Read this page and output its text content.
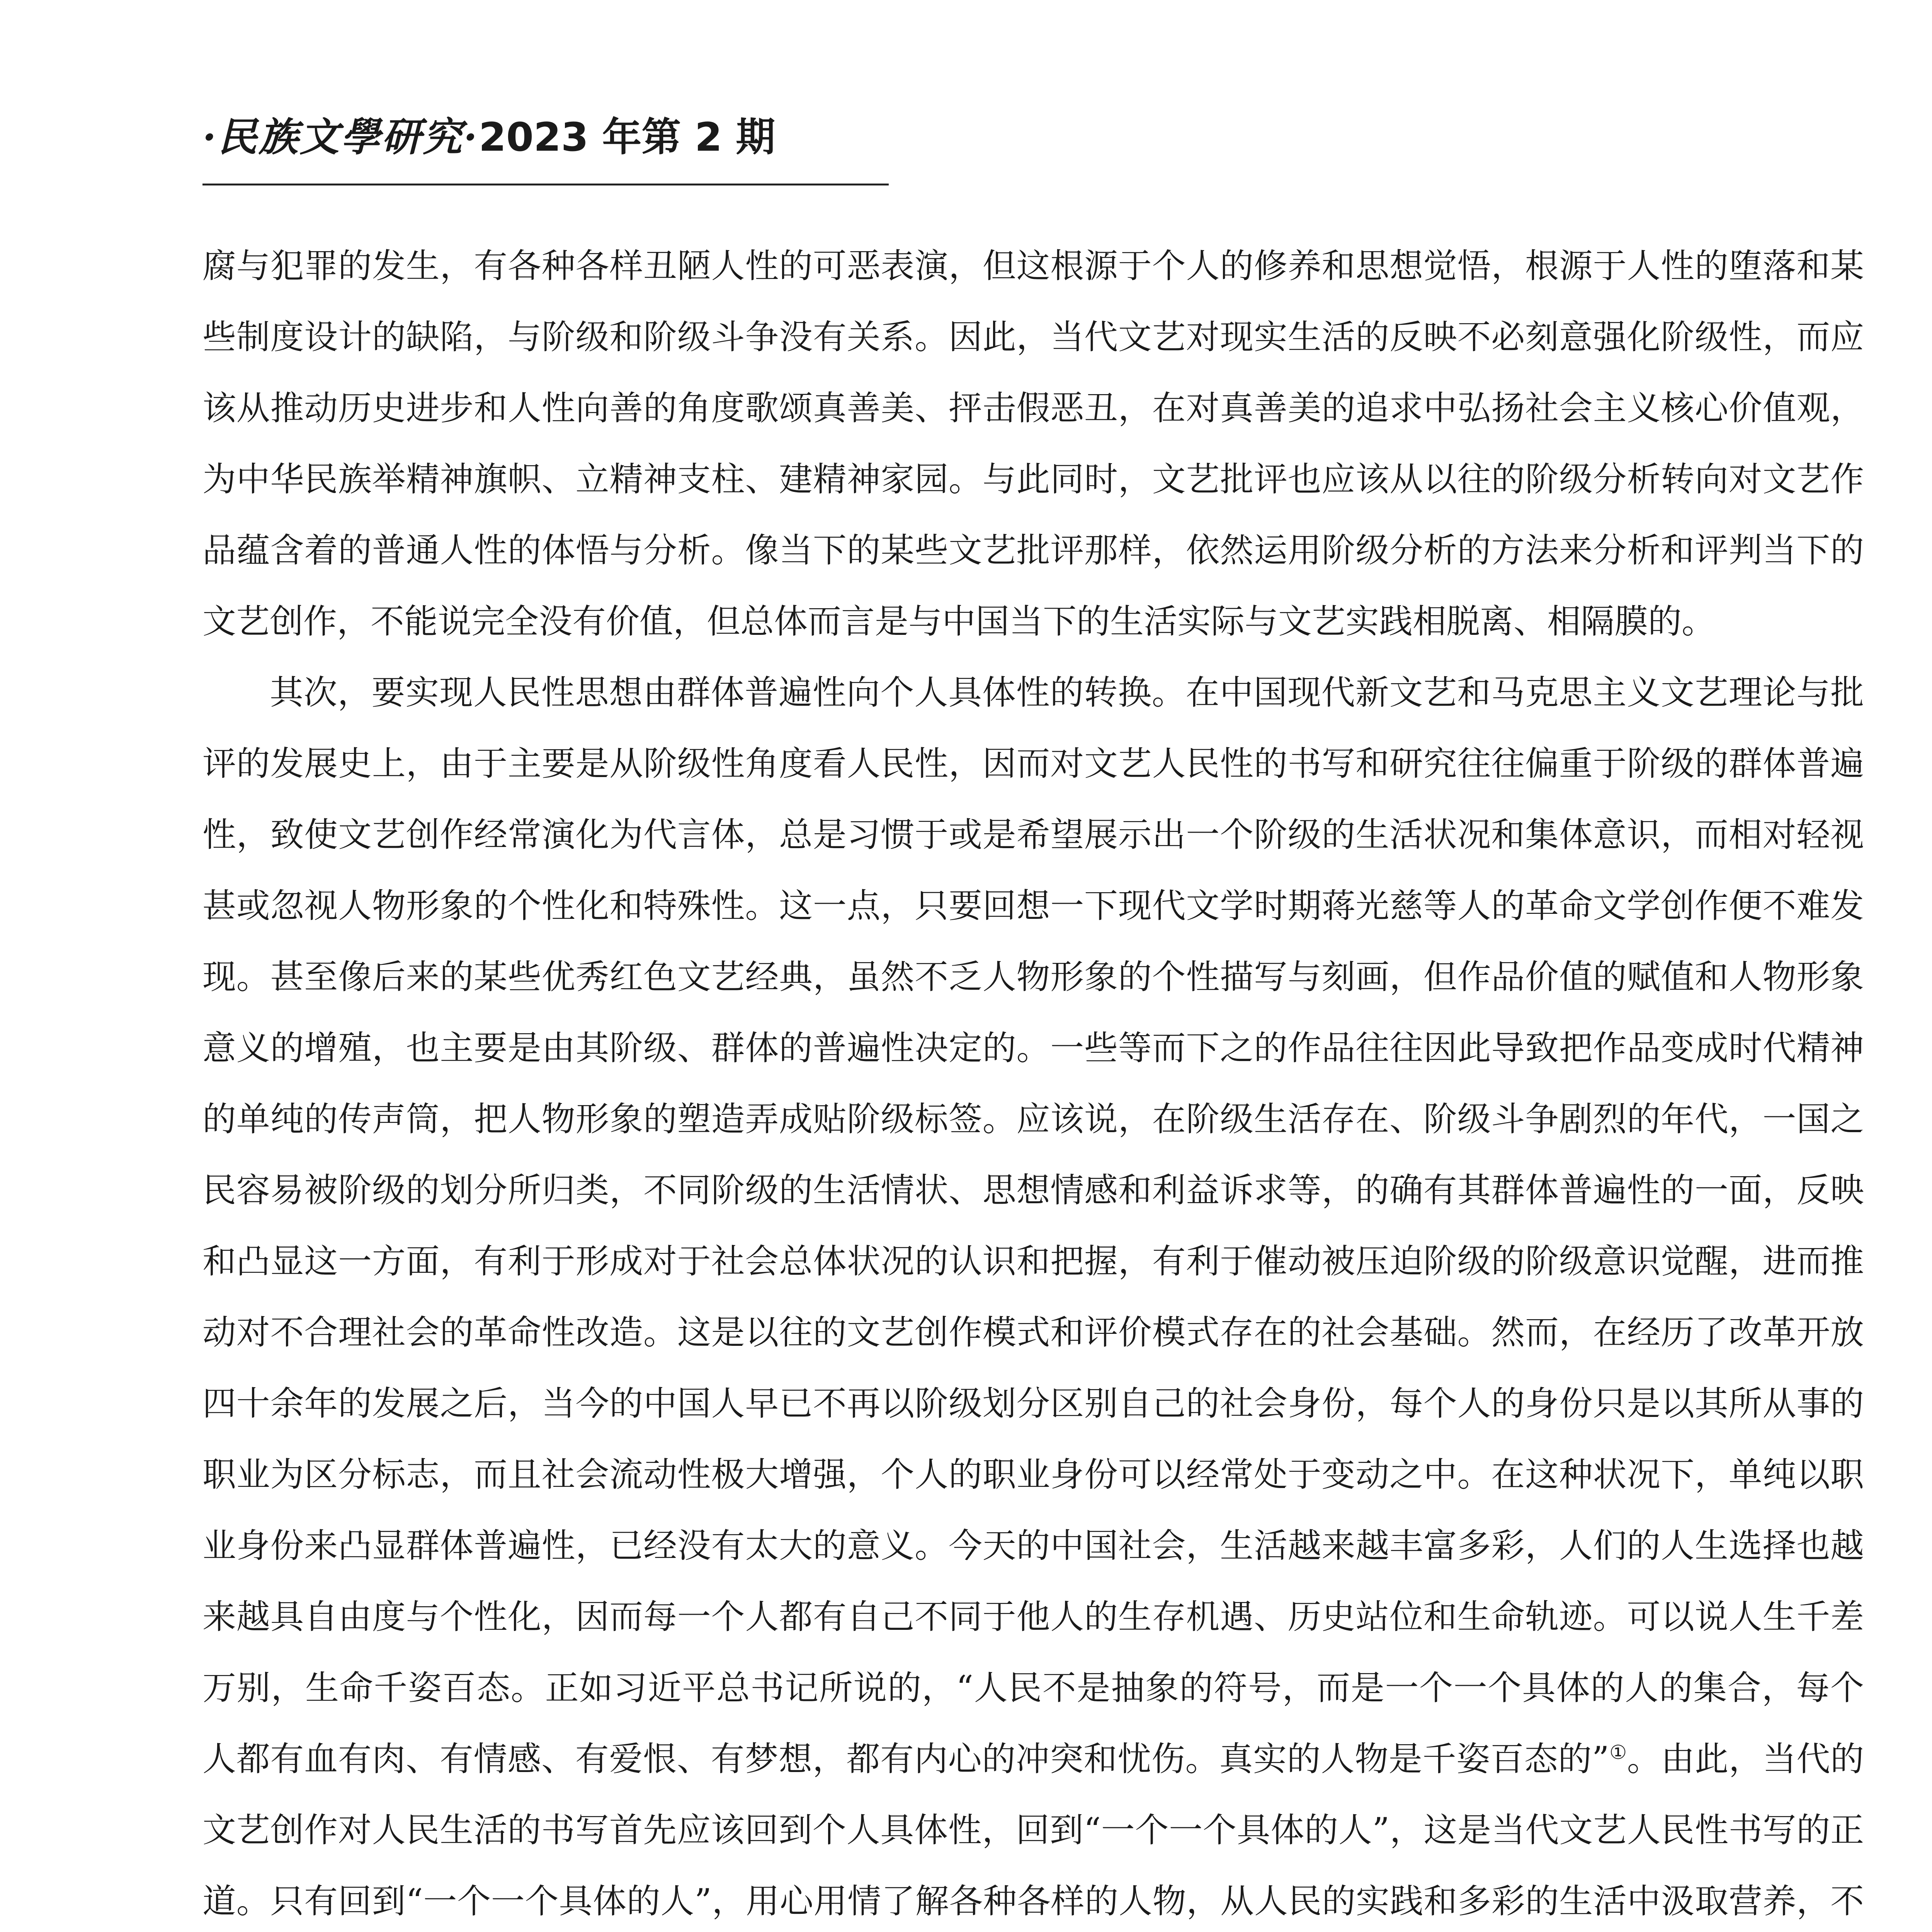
·民族文學研究·2023 年第 2 期

腐与犯罪的发生，有各种各样丑陋人性的可恶表演，但这根源于个人的修养和思想觉悟，根源于人性的堕落和某些制度设计的缺陷，与阶级和阶级斗争没有关系。因此，当代文艺对现实生活的反映不必刻意强化阶级性，而应该从推动历史进步和人性向善的角度歌颂真善美、抨击假恶丑，在对真善美的追求中弘扬社会主义核心价值观，为中华民族举精神旗帜、立精神支柱、建精神家园。与此同时，文艺批评也应该从以往的阶级分析转向对文艺作品蕴含着的普通人性的体悟与分析。像当下的某些文艺批评那样，依然运用阶级分析的方法来分析和评判当下的文艺创作，不能说完全没有价值，但总体而言是与中国当下的生活实际与文艺实践相脱离、相隔膜的。

其次，要实现人民性思想由群体普遍性向个人具体性的转换。在中国现代新文艺和马克思主义文艺理论与批评的发展史上，由于主要是从阶级性角度看人民性，因而对文艺人民性的书写和研究往往偏重于阶级的群体普遍性，致使文艺创作经常演化为代言体，总是习惯于或是希望展示出一个阶级的生活状况和集体意识，而相对轻视甚或忽视人物形象的个性化和特殊性。这一点，只要回想一下现代文学时期蒋光慈等人的革命文学创作便不难发现。甚至像后来的某些优秀红色文艺经典，虽然不乏人物形象的个性描写与刻画，但作品价值的赋值和人物形象意义的增殖，也主要是由其阶级、群体的普遍性决定的。一些等而下之的作品往往因此导致把作品变成时代精神的单纯的传声筒，把人物形象的塑造弄成贴阶级标签。应该说，在阶级生活存在、阶级斗争剧烈的年代，一国之民容易被阶级的划分所归类，不同阶级的生活情状、思想情感和利益诉求等，的确有其群体普遍性的一面，反映和凸显这一方面，有利于形成对于社会总体状况的认识和把握，有利于催动被压迫阶级的阶级意识觉醒，进而推动对不合理社会的革命性改造。这是以往的文艺创作模式和评价模式存在的社会基础。然而，在经历了改革开放四十余年的发展之后，当今的中国人早已不再以阶级划分区别自己的社会身份，每个人的身份只是以其所从事的职业为区分标志，而且社会流动性极大增强，个人的职业身份可以经常处于变动之中。在这种状况下，单纯以职业身份来凸显群体普遍性，已经没有太大的意义。今天的中国社会，生活越来越丰富多彩，人们的人生选择也越来越具自由度与个性化，因而每一个人都有自己不同于他人的生存机遇、历史站位和生命轨迹。可以说人生千差万别，生命千姿百态。正如习近平总书记所说的，“人民不是抽象的符号，而是一个一个具体的人的集合，每个人都有血有肉、有情感、有爱恨、有梦想，都有内心的冲突和忧伤。真实的人物是千姿百态的”①。由此，当代的文艺创作对人民生活的书写首先应该回到个人具体性，回到“一个一个具体的人”，这是当代文艺人民性书写的正道。只有回到“一个一个具体的人”，用心用情了解各种各样的人物，从人民的实践和多彩的生活中汲取营养，不
